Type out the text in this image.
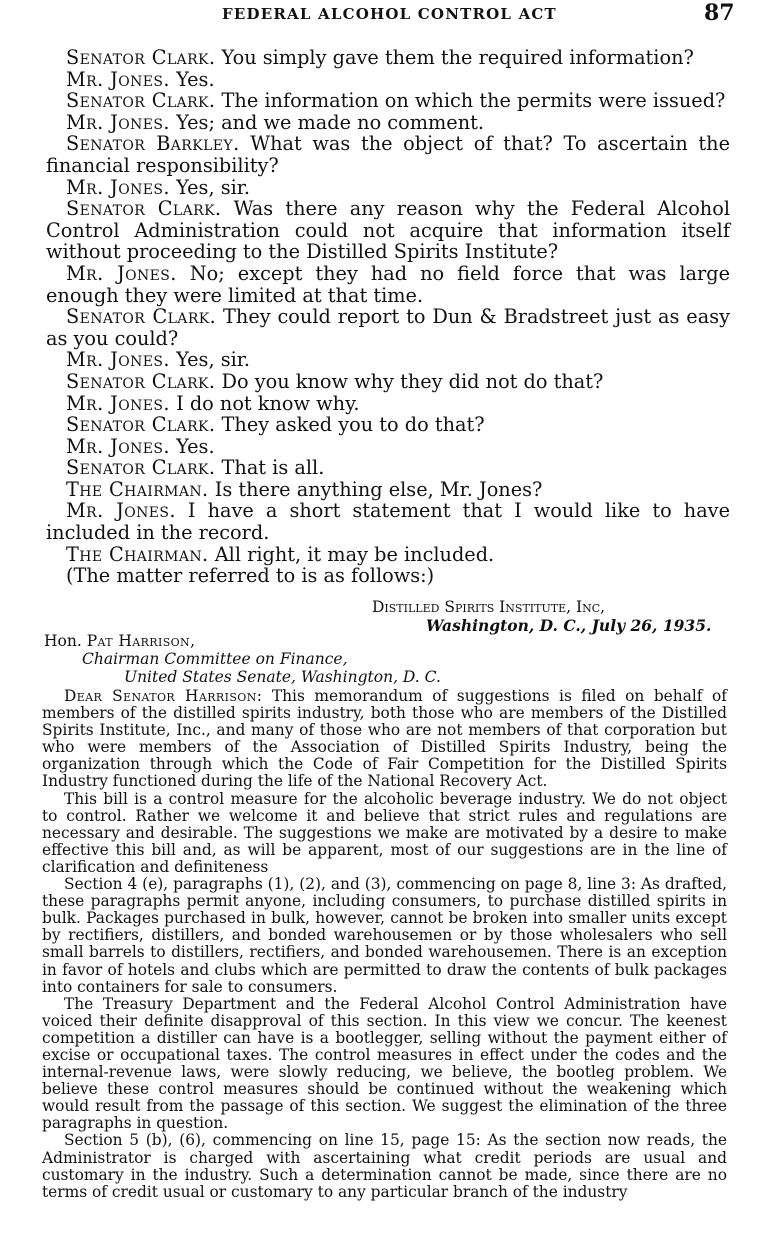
FEDERAL ALCOHOL CONTROL ACT	87

Senator Clark. You simply gave them the required information?

Mr. Jones. Yes.

Senator Clark. The information on which the permits were issued?

Mr. Jones. Yes; and we made no comment.

Senator Barkley. What was the object of that? To ascertain the financial responsibility?

Mr. Jones. Yes, sir.

Senator Clark. Was there any reason why the Federal Alcohol Control Administration could not acquire that information itself without proceeding to the Distilled Spirits Institute?

Mr. Jones. No; except they had no field force that was large enough they were limited at that time.

Senator Clark. They could report to Dun & Bradstreet just as easy as you could?

Mr. Jones. Yes, sir.

Senator Clark. Do you know why they did not do that?

Mr. Jones. I do not know why.

Senator Clark. They asked you to do that?

Mr. Jones. Yes.

Senator Clark. That is all.

The Chairman. Is there anything else, Mr. Jones?

Mr. Jones. I have a short statement that I would like to have included in the record.

The Chairman. All right, it may be included.

(The matter referred to is as follows:)

Distilled Spirits Institute, Inc,
Washington, D. C., July 26, 1935.
Hon. Pat Harrison,
Chairman Committee on Finance,
United States Senate, Washington, D. C.

Dear Senator Harrison: This memorandum of suggestions is filed on behalf of members of the distilled spirits industry, both those who are members of the Distilled Spirits Institute, Inc., and many of those who are not members of that corporation but who were members of the Association of Distilled Spirits Industry, being the organization through which the Code of Fair Competition for the Distilled Spirits Industry functioned during the life of the National Recovery Act.

This bill is a control measure for the alcoholic beverage industry. We do not object to control. Rather we welcome it and believe that strict rules and regulations are necessary and desirable. The suggestions we make are motivated by a desire to make effective this bill and, as will be apparent, most of our suggestions are in the line of clarification and definiteness

Section 4 (e), paragraphs (1), (2), and (3), commencing on page 8, line 3: As drafted, these paragraphs permit anyone, including consumers, to purchase distilled spirits in bulk. Packages purchased in bulk, however, cannot be broken into smaller units except by rectifiers, distillers, and bonded warehousemen or by those wholesalers who sell small barrels to distillers, rectifiers, and bonded warehousemen. There is an exception in favor of hotels and clubs which are permitted to draw the contents of bulk packages into containers for sale to consumers.

The Treasury Department and the Federal Alcohol Control Administration have voiced their definite disapproval of this section. In this view we concur. The keenest competition a distiller can have is a bootlegger, selling without the payment either of excise or occupational taxes. The control measures in effect under the codes and the internal-revenue laws, were slowly reducing, we believe, the bootleg problem. We believe these control measures should be continued without the weakening which would result from the passage of this section. We suggest the elimination of the three paragraphs in question.

Section 5 (b), (6), commencing on line 15, page 15: As the section now reads, the Administrator is charged with ascertaining what credit periods are usual and customary in the industry. Such a determination cannot be made, since there are no terms of credit usual or customary to any particular branch of the industry
